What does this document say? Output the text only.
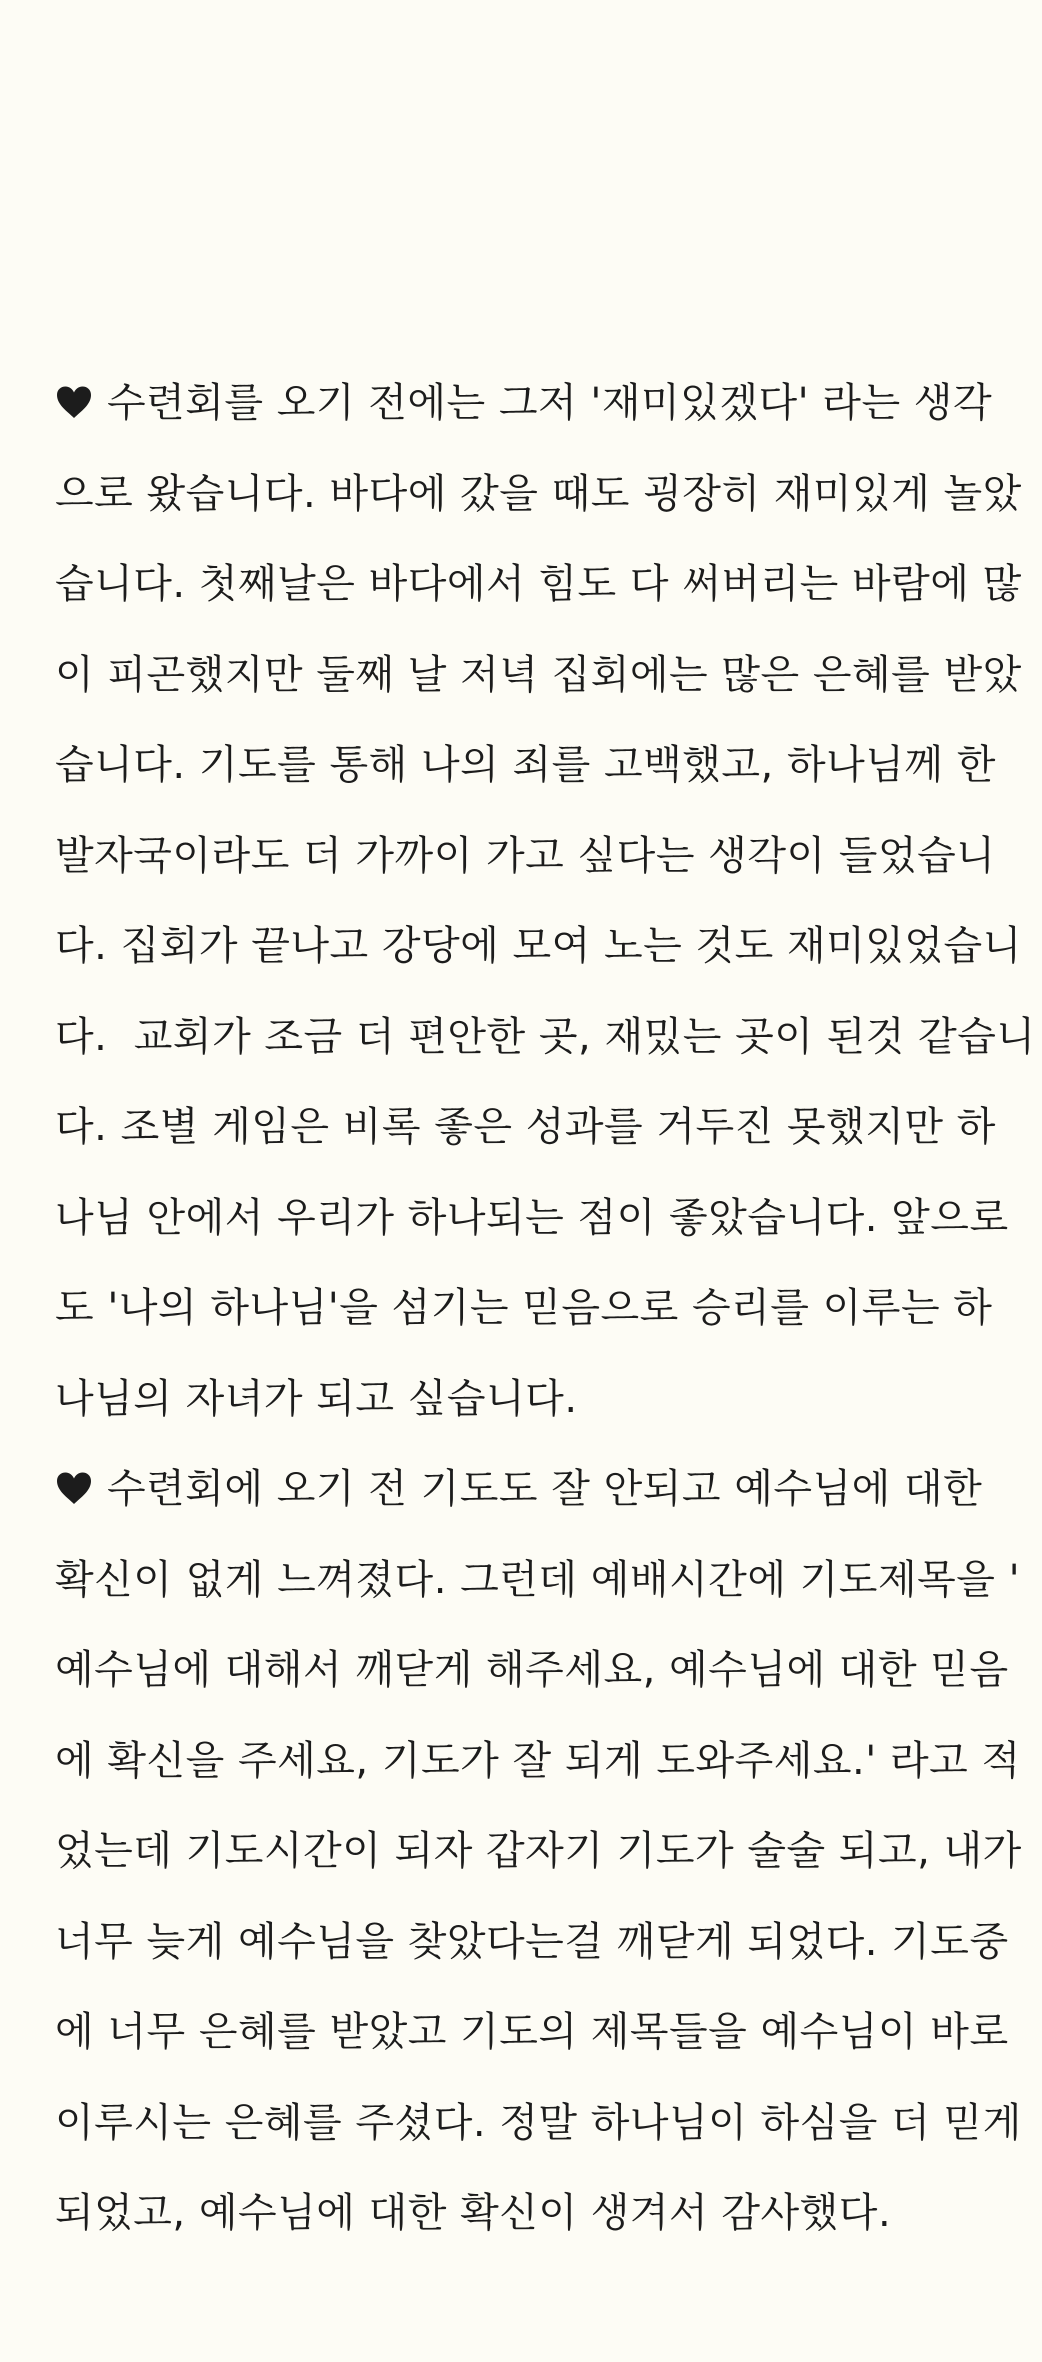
수련회를 오기 전에는 그저 '재미있겠다' 라는 생각
으로 왔습니다. 바다에 갔을 때도 굉장히 재미있게 놀았
습니다. 첫째날은 바다에서 힘도 다 써버리는 바람에 많
이 피곤했지만 둘째 날 저녁 집회에는 많은 은혜를 받았
습니다. 기도를 통해 나의 죄를 고백했고, 하나님께 한
발자국이라도 더 가까이 가고 싶다는 생각이 들었습니
다. 집회가 끝나고 강당에 모여 노는 것도 재미있었습니
다.  교회가 조금 더 편안한 곳, 재밌는 곳이 된것 같습니
다. 조별 게임은 비록 좋은 성과를 거두진 못했지만 하
나님 안에서 우리가 하나되는 점이 좋았습니다. 앞으로
도 '나의 하나님'을 섬기는 믿음으로 승리를 이루는 하
나님의 자녀가 되고 싶습니다.
수련회에 오기 전 기도도 잘 안되고 예수님에 대한
확신이 없게 느껴졌다. 그런데 예배시간에 기도제목을 '
예수님에 대해서 깨닫게 해주세요, 예수님에 대한 믿음
에 확신을 주세요, 기도가 잘 되게 도와주세요.' 라고 적
었는데 기도시간이 되자 갑자기 기도가 술술 되고, 내가
너무 늦게 예수님을 찾았다는걸 깨닫게 되었다. 기도중
에 너무 은혜를 받았고 기도의 제목들을 예수님이 바로
이루시는 은혜를 주셨다. 정말 하나님이 하심을 더 믿게
되었고, 예수님에 대한 확신이 생겨서 감사했다.
